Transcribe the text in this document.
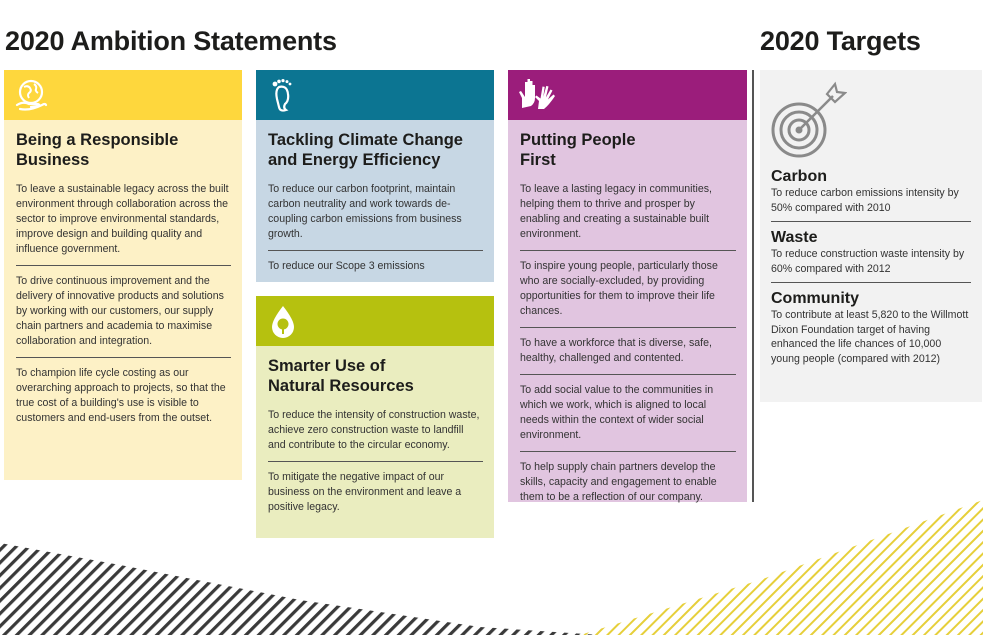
2020 Ambition Statements	2020 Targets
Being a Responsible
Business
To leave a sustainable legacy across the built environment through collaboration across the sector to improve environmental standards, improve design and building quality and influence government.
To drive continuous improvement and the delivery of innovative products and solutions by working with our customers, our supply chain partners and academia to maximise collaboration and integration.
To champion life cycle costing as our overarching approach to projects, so that the true cost of a building's use is visible to customers and end-users from the outset.
Tackling Climate Change
and Energy Efficiency
To reduce our carbon footprint, maintain carbon neutrality and work towards de-coupling carbon emissions from business growth.
To reduce our Scope 3 emissions
Smarter Use of
Natural Resources
To reduce the intensity of construction waste, achieve zero construction waste to landfill and contribute to the circular economy.
To mitigate the negative impact of our business on the environment and leave a positive legacy.
Putting People
First
To leave a lasting legacy in communities, helping them to thrive and prosper by enabling and creating a sustainable built environment.
To inspire young people, particularly those who are socially-excluded, by providing opportunities for them to improve their life chances.
To have a workforce that is diverse, safe, healthy, challenged and contented.
To add social value to the communities in which we work, which is aligned to local needs within the context of wider social environment.
To help supply chain partners develop the skills, capacity and engagement to enable them to be a reflection of our company.
Carbon
To reduce carbon emissions intensity by 50% compared with 2010
Waste
To reduce construction waste intensity by 60% compared with 2012
Community
To contribute at least 5,820 to the Willmott Dixon Foundation target of having enhanced the life chances of 10,000 young people (compared with 2012)
